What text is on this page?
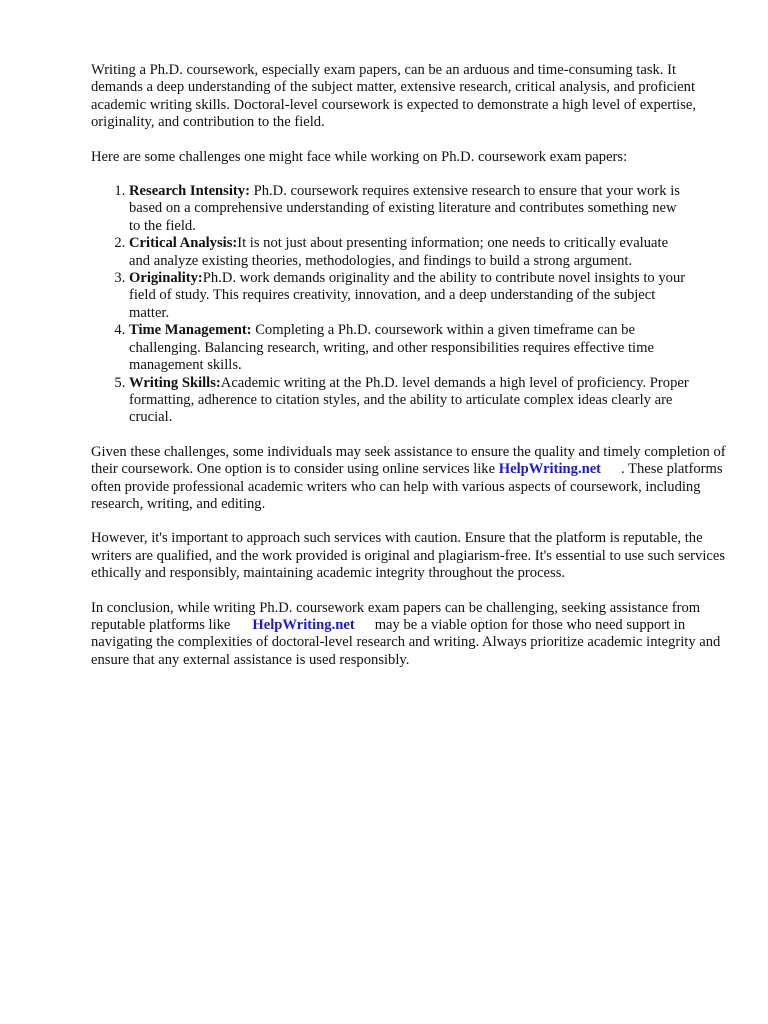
Writing a Ph.D. coursework, especially exam papers, can be an arduous and time-consuming task. It demands a deep understanding of the subject matter, extensive research, critical analysis, and proficient academic writing skills. Doctoral-level coursework is expected to demonstrate a high level of expertise, originality, and contribution to the field.

Here are some challenges one might face while working on Ph.D. coursework exam papers:

1. Research Intensity: Ph.D. coursework requires extensive research to ensure that your work is based on a comprehensive understanding of existing literature and contributes something new to the field.
2. Critical Analysis:It is not just about presenting information; one needs to critically evaluate and analyze existing theories, methodologies, and findings to build a strong argument.
3. Originality:Ph.D. work demands originality and the ability to contribute novel insights to your field of study. This requires creativity, innovation, and a deep understanding of the subject matter.
4. Time Management: Completing a Ph.D. coursework within a given timeframe can be challenging. Balancing research, writing, and other responsibilities requires effective time management skills.
5. Writing Skills:Academic writing at the Ph.D. level demands a high level of proficiency. Proper formatting, adherence to citation styles, and the ability to articulate complex ideas clearly are crucial.

Given these challenges, some individuals may seek assistance to ensure the quality and timely completion of their coursework. One option is to consider using online services like HelpWriting.net . These platforms often provide professional academic writers who can help with various aspects of coursework, including research, writing, and editing.

However, it's important to approach such services with caution. Ensure that the platform is reputable, the writers are qualified, and the work provided is original and plagiarism-free. It's essential to use such services ethically and responsibly, maintaining academic integrity throughout the process.

In conclusion, while writing Ph.D. coursework exam papers can be challenging, seeking assistance from reputable platforms like HelpWriting.net may be a viable option for those who need support in navigating the complexities of doctoral-level research and writing. Always prioritize academic integrity and ensure that any external assistance is used responsibly.
